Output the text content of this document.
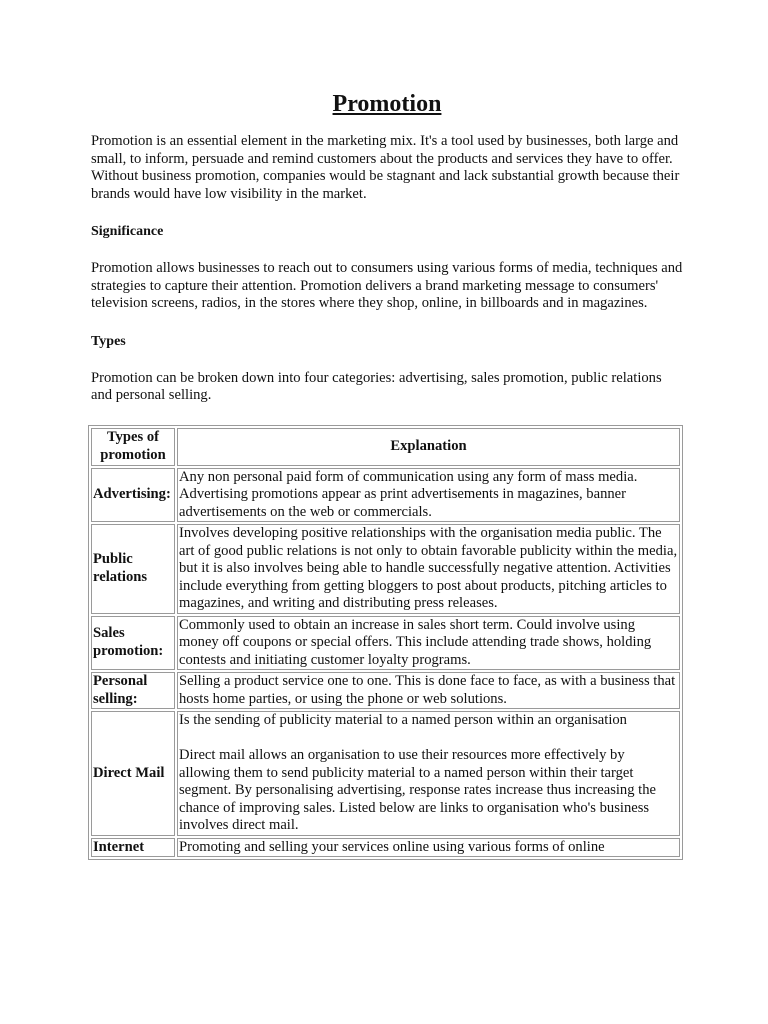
Promotion

Promotion is an essential element in the marketing mix. It's a tool used by businesses, both large and small, to inform, persuade and remind customers about the products and services they have to offer. Without business promotion, companies would be stagnant and lack substantial growth because their brands would have low visibility in the market.

Significance

Promotion allows businesses to reach out to consumers using various forms of media, techniques and strategies to capture their attention. Promotion delivers a brand marketing message to consumers' television screens, radios, in the stores where they shop, online, in billboards and in magazines.

Types

Promotion can be broken down into four categories: advertising, sales promotion, public relations and personal selling.

Types of promotion	Explanation
Advertising:	Any non personal paid form of communication using any form of mass media. Advertising promotions appear as print advertisements in magazines, banner advertisements on the web or commercials.
Public relations	Involves developing positive relationships with the organisation media public. The art of good public relations is not only to obtain favorable publicity within the media, but it is also involves being able to handle successfully negative attention. Activities include everything from getting bloggers to post about products, pitching articles to magazines, and writing and distributing press releases.
Sales promotion:	Commonly used to obtain an increase in sales short term. Could involve using money off coupons or special offers. This include attending trade shows, holding contests and initiating customer loyalty programs.
Personal selling:	Selling a product service one to one. This is done face to face, as with a business that hosts home parties, or using the phone or web solutions.
Direct Mail	Is the sending of publicity material to a named person within an organisation
Direct mail allows an organisation to use their resources more effectively by allowing them to send publicity material to a named person within their target segment. By personalising advertising, response rates increase thus increasing the chance of improving sales. Listed below are links to organisation who's business involves direct mail.

Internet	Promoting and selling your services online using various forms of online
